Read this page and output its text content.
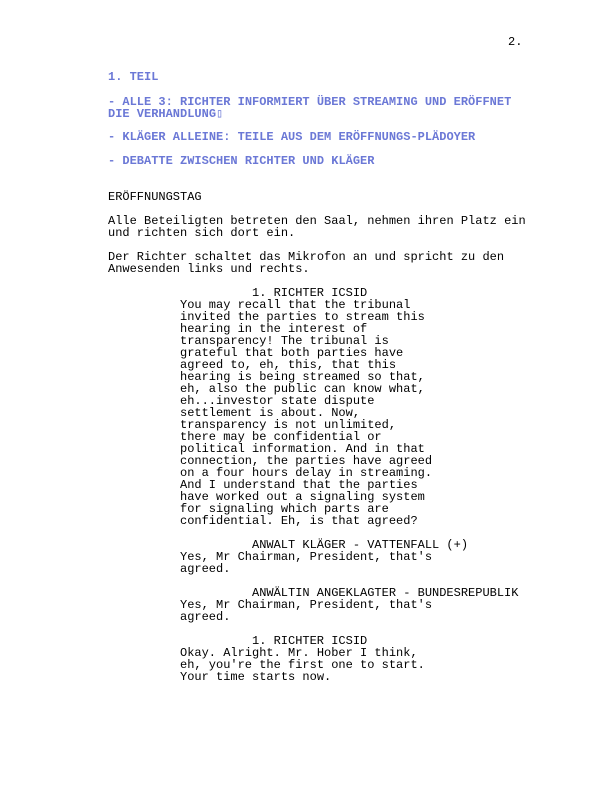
2.
1. TEIL
- ALLE 3: RICHTER INFORMIERT ÜBER STREAMING UND ERÖFFNET DIE VERHANDLUNG▯
- KLÄGER ALLEINE: TEILE AUS DEM ERÖFFNUNGS-PLÄDOYER
- DEBATTE ZWISCHEN RICHTER UND KLÄGER
ERÖFFNUNGSTAG
Alle Beteiligten betreten den Saal, nehmen ihren Platz ein
und richten sich dort ein.
Der Richter schaltet das Mikrofon an und spricht zu den
Anwesenden links und rechts.
1. RICHTER ICSID
You may recall that the tribunal
invited the parties to stream this
hearing in the interest of
transparency! The tribunal is
grateful that both parties have
agreed to, eh, this, that this
hearing is being streamed so that,
eh, also the public can know what,
eh...investor state dispute
settlement is about. Now,
transparency is not unlimited,
there may be confidential or
political information. And in that
connection, the parties have agreed
on a four hours delay in streaming.
And I understand that the parties
have worked out a signaling system
for signaling which parts are
confidential. Eh, is that agreed?
ANWALT KLÄGER - VATTENFALL (+)
Yes, Mr Chairman, President, that's
agreed.
ANWÄLTIN ANGEKLAGTER - BUNDESREPUBLIK
Yes, Mr Chairman, President, that's
agreed.
1. RICHTER ICSID
Okay. Alright. Mr. Hober I think,
eh, you're the first one to start.
Your time starts now.
